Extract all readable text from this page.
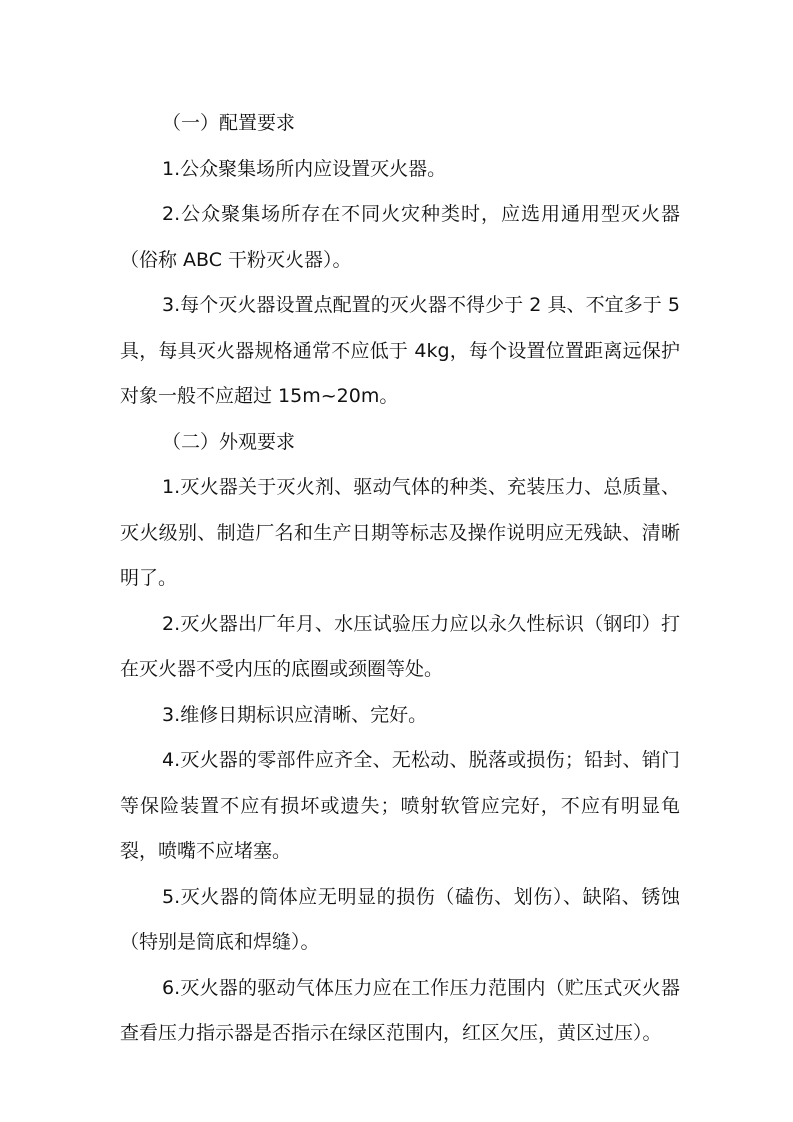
（一）配置要求

1.公众聚集场所内应设置灭火器。

2.公众聚集场所存在不同火灾种类时，应选用通用型灭火器（俗称 ABC 干粉灭火器）。

3.每个灭火器设置点配置的灭火器不得少于 2 具、不宜多于 5 具，每具灭火器规格通常不应低于 4kg，每个设置位置距离远保护对象一般不应超过 15m~20m。

（二）外观要求

1.灭火器关于灭火剂、驱动气体的种类、充装压力、总质量、灭火级别、制造厂名和生产日期等标志及操作说明应无残缺、清晰明了。

2.灭火器出厂年月、水压试验压力应以永久性标识（钢印）打在灭火器不受内压的底圈或颈圈等处。

3.维修日期标识应清晰、完好。

4.灭火器的零部件应齐全、无松动、脱落或损伤；铅封、销门等保险装置不应有损坏或遗失；喷射软管应完好，不应有明显龟裂，喷嘴不应堵塞。

5.灭火器的筒体应无明显的损伤（磕伤、划伤）、缺陷、锈蚀（特别是筒底和焊缝）。

6.灭火器的驱动气体压力应在工作压力范围内（贮压式灭火器查看压力指示器是否指示在绿区范围内，红区欠压，黄区过压）。
